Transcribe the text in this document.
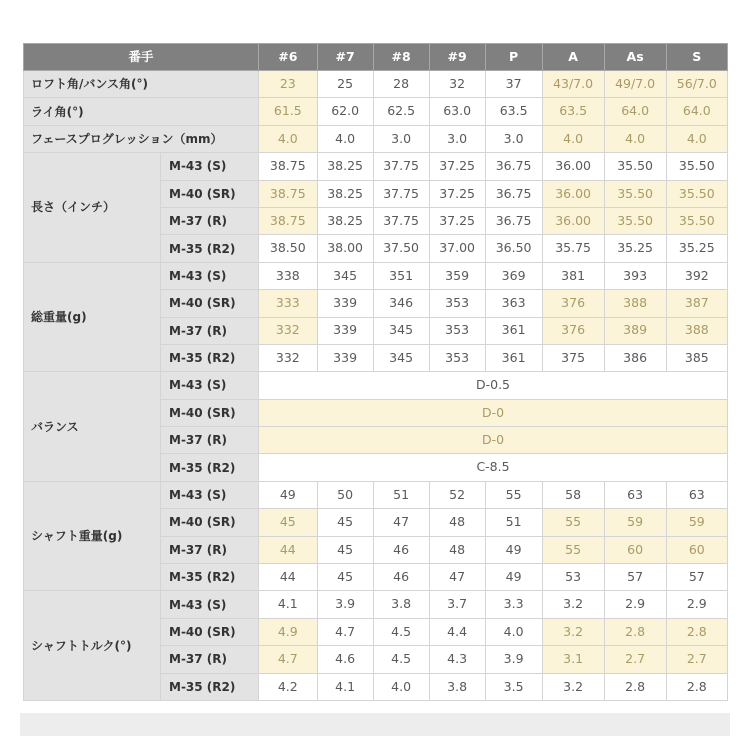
番手		#6	#7	#8	#9	P	A	As	S
ロフト角/バンス角(°)		23	25	28	32	37	43/7.0	49/7.0	56/7.0
ライ角(°)		61.5	62.0	62.5	63.0	63.5	63.5	64.0	64.0
フェースプログレッション（mm）		4.0	4.0	3.0	3.0	3.0	4.0	4.0	4.0
長さ（インチ）	M-43 (S)	38.75	38.25	37.75	37.25	36.75	36.00	35.50	35.50
	M-40 (SR)	38.75	38.25	37.75	37.25	36.75	36.00	35.50	35.50
	M-37 (R)	38.75	38.25	37.75	37.25	36.75	36.00	35.50	35.50
	M-35 (R2)	38.50	38.00	37.50	37.00	36.50	35.75	35.25	35.25
総重量(g)	M-43 (S)	338	345	351	359	369	381	393	392
	M-40 (SR)	333	339	346	353	363	376	388	387
	M-37 (R)	332	339	345	353	361	376	389	388
	M-35 (R2)	332	339	345	353	361	375	386	385
バランス	M-43 (S)	D-0.5							
	M-40 (SR)	D-0							
	M-37 (R)	D-0							
	M-35 (R2)	C-8.5							
シャフト重量(g)	M-43 (S)	49	50	51	52	55	58	63	63
	M-40 (SR)	45	45	47	48	51	55	59	59
	M-37 (R)	44	45	46	48	49	55	60	60
	M-35 (R2)	44	45	46	47	49	53	57	57
シャフトトルク(°)	M-43 (S)	4.1	3.9	3.8	3.7	3.3	3.2	2.9	2.9
	M-40 (SR)	4.9	4.7	4.5	4.4	4.0	3.2	2.8	2.8
	M-37 (R)	4.7	4.6	4.5	4.3	3.9	3.1	2.7	2.7
	M-35 (R2)	4.2	4.1	4.0	3.8	3.5	3.2	2.8	2.8
